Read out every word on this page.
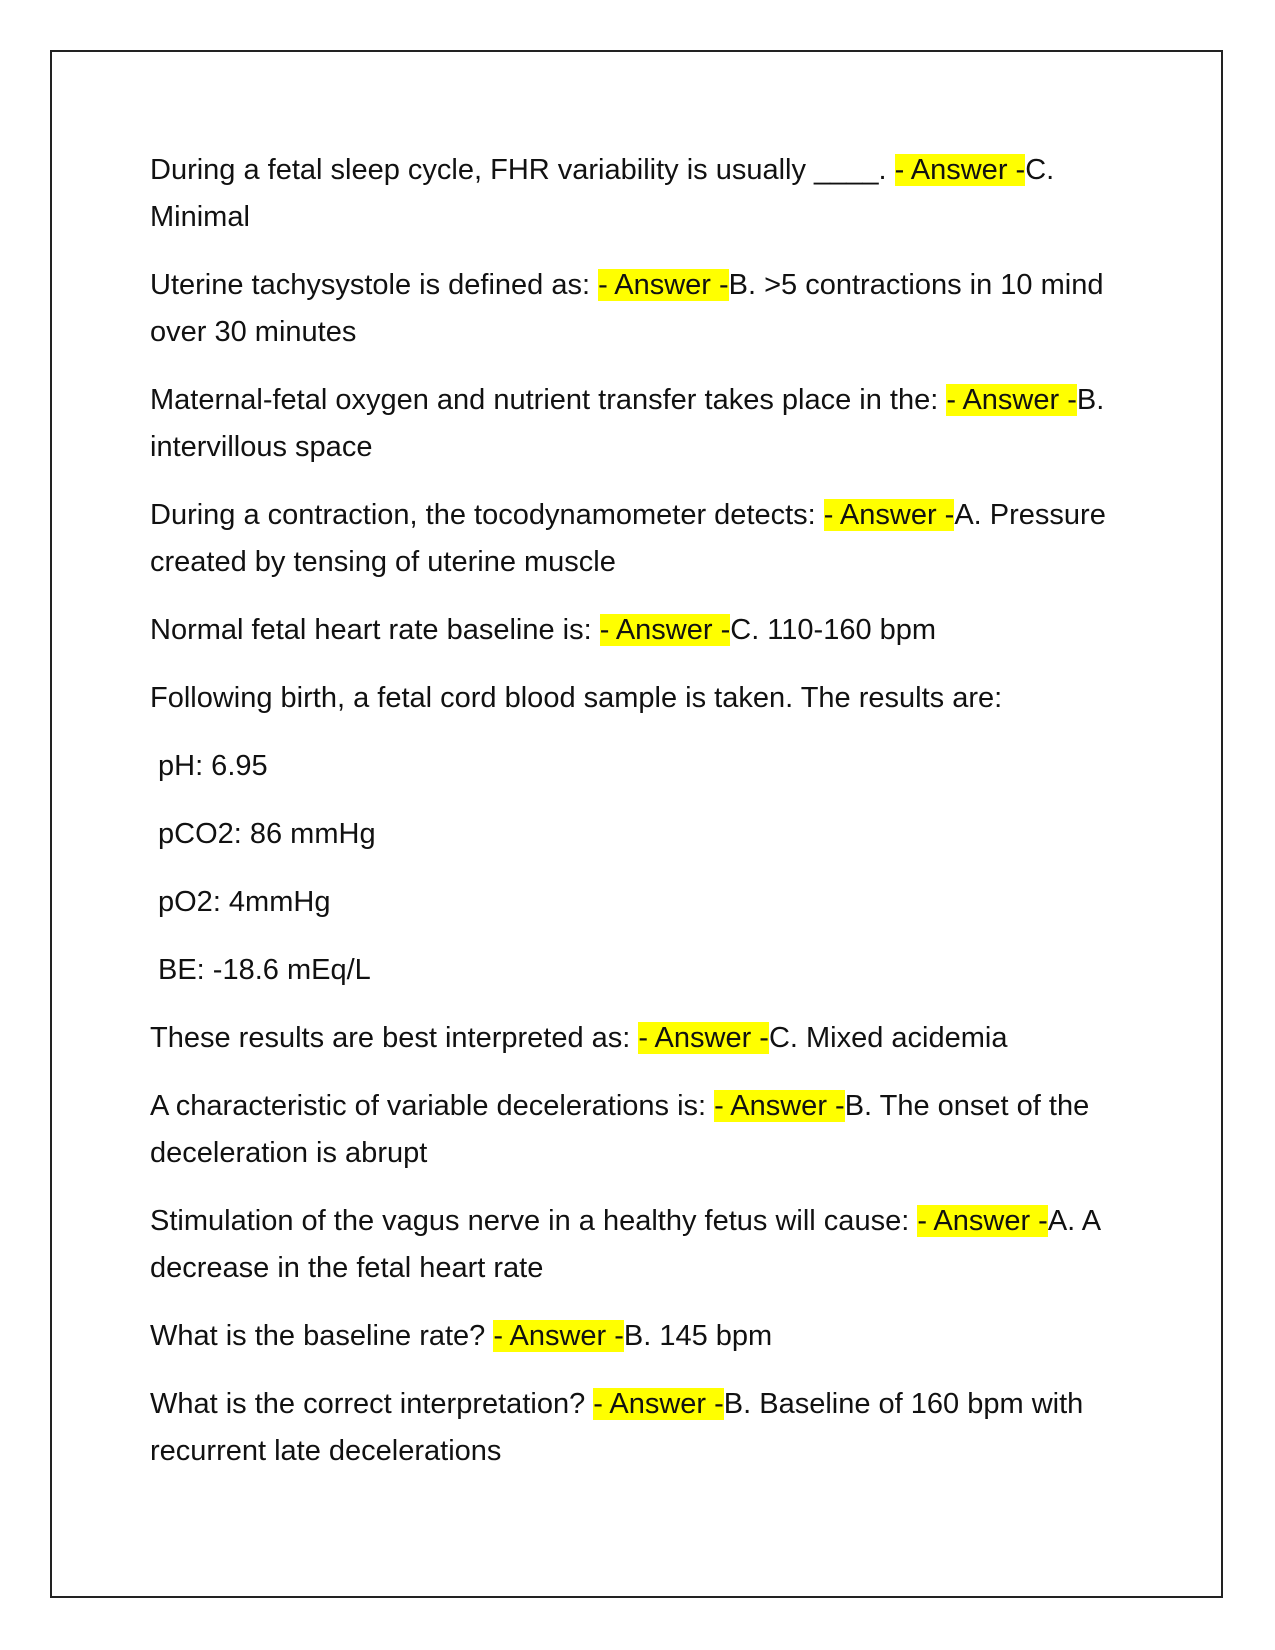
During a fetal sleep cycle, FHR variability is usually ____. - Answer -C. Minimal
Uterine tachysystole is defined as: - Answer -B. >5 contractions in 10 mind over 30 minutes
Maternal-fetal oxygen and nutrient transfer takes place in the: - Answer -B. intervillous space
During a contraction, the tocodynamometer detects: - Answer -A. Pressure created by tensing of uterine muscle
Normal fetal heart rate baseline is: - Answer -C. 110-160 bpm
Following birth, a fetal cord blood sample is taken. The results are:
pH: 6.95
pCO2: 86 mmHg
pO2: 4mmHg
BE: -18.6 mEq/L
These results are best interpreted as: - Answer -C. Mixed acidemia
A characteristic of variable decelerations is: - Answer -B. The onset of the deceleration is abrupt
Stimulation of the vagus nerve in a healthy fetus will cause: - Answer -A. A decrease in the fetal heart rate
What is the baseline rate? - Answer -B. 145 bpm
What is the correct interpretation? - Answer -B. Baseline of 160 bpm with recurrent late decelerations
